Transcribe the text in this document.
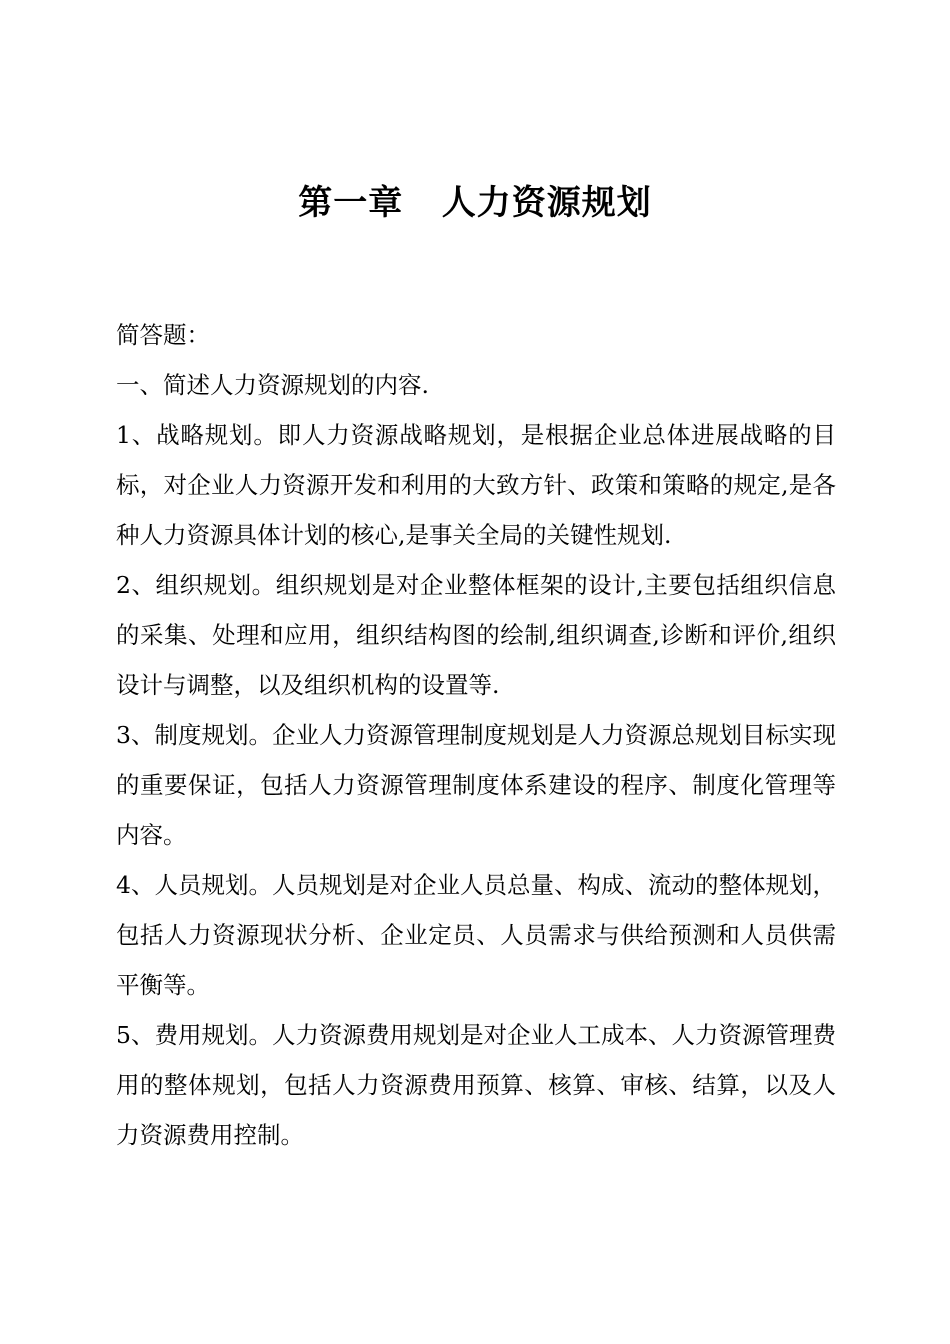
第一章   人力资源规划

简答题：

一、简述人力资源规划的内容.

1、战略规划。即人力资源战略规划，是根据企业总体进展战略的目标，对企业人力资源开发和利用的大致方针、政策和策略的规定,是各种人力资源具体计划的核心,是事关全局的关键性规划.

2、组织规划。组织规划是对企业整体框架的设计,主要包括组织信息的采集、处理和应用，组织结构图的绘制,组织调查,诊断和评价,组织设计与调整，以及组织机构的设置等.

3、制度规划。企业人力资源管理制度规划是人力资源总规划目标实现的重要保证，包括人力资源管理制度体系建设的程序、制度化管理等内容。

4、人员规划。人员规划是对企业人员总量、构成、流动的整体规划，包括人力资源现状分析、企业定员、人员需求与供给预测和人员供需平衡等。

5、费用规划。人力资源费用规划是对企业人工成本、人力资源管理费用的整体规划，包括人力资源费用预算、核算、审核、结算，以及人力资源费用控制。
